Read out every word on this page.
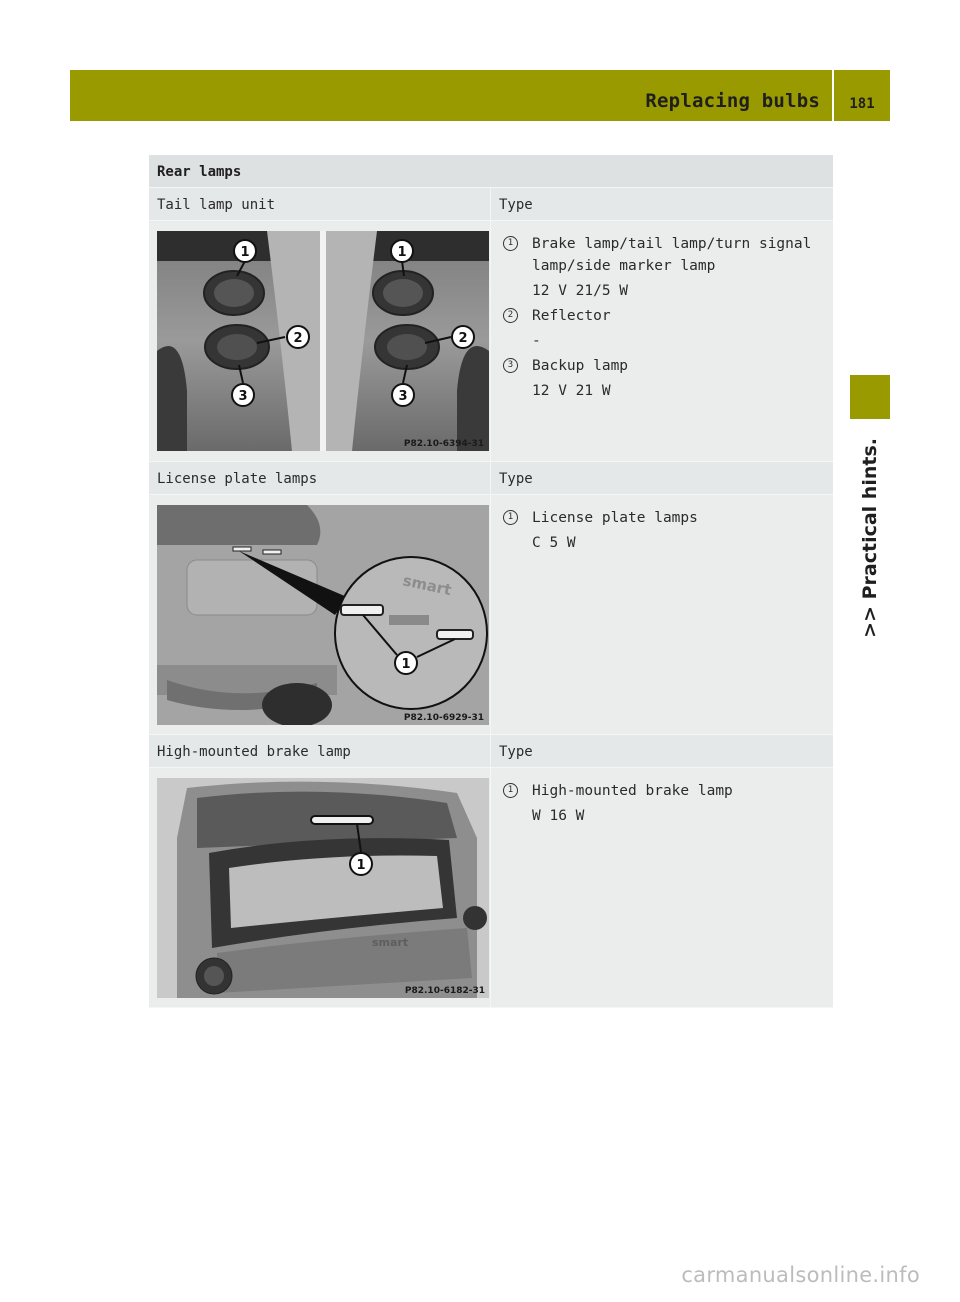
Replacing bulbs	181
>> Practical hints.
Rear lamps
Tail lamp unit	Type
1	1
2	2
3	3
P82.10-6394-31
1	Brake lamp/tail lamp/turn signal lamp/side marker lamp
12 V 21/5 W
2	Reflector
-
3	Backup lamp
12 V 21 W
License plate lamps	Type
smart
1
P82.10-6929-31
1	License plate lamps
C 5 W
High-mounted brake lamp	Type
smart
1
P82.10-6182-31
1	High-mounted brake lamp
W 16 W
carmanualsonline.info
